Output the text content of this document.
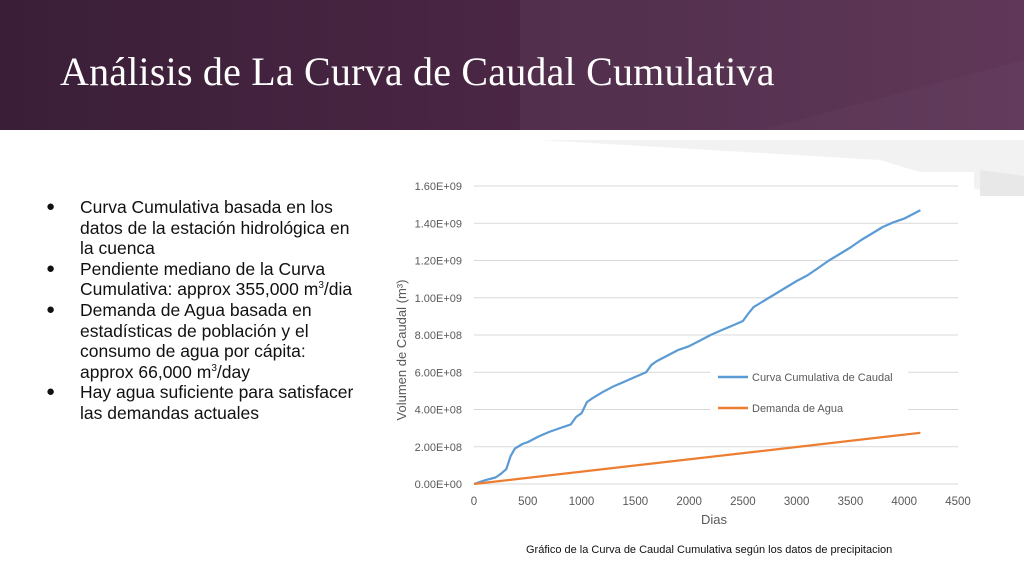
Análisis de La Curva de Caudal Cumulativa
● Curva Cumulativa basada en los datos de la estación hidrológica en la cuenca
● Pendiente mediano de la Curva Cumulativa: approx 355,000 $m^3$/dia
● Demanda de Agua basada en estadísticas de población y el consumo de agua por cápita: approx 66,000 $m^3$/day
● Hay agua suficiente para satisfacer las demandas actuales
0.00E+00
2.00E+08
4.00E+08
6.00E+08
8.00E+08
1.00E+09
1.20E+09
1.40E+09
1.60E+09
0	500	1000 1500 2000 2500 3000 3500 4000 4500
Dias
Volumen de Caudal (m³)	Curva Cumulativa de Caudal
Demanda de Agua
Gráfico de la Curva de Caudal Cumulativa según los datos de precipitacion
